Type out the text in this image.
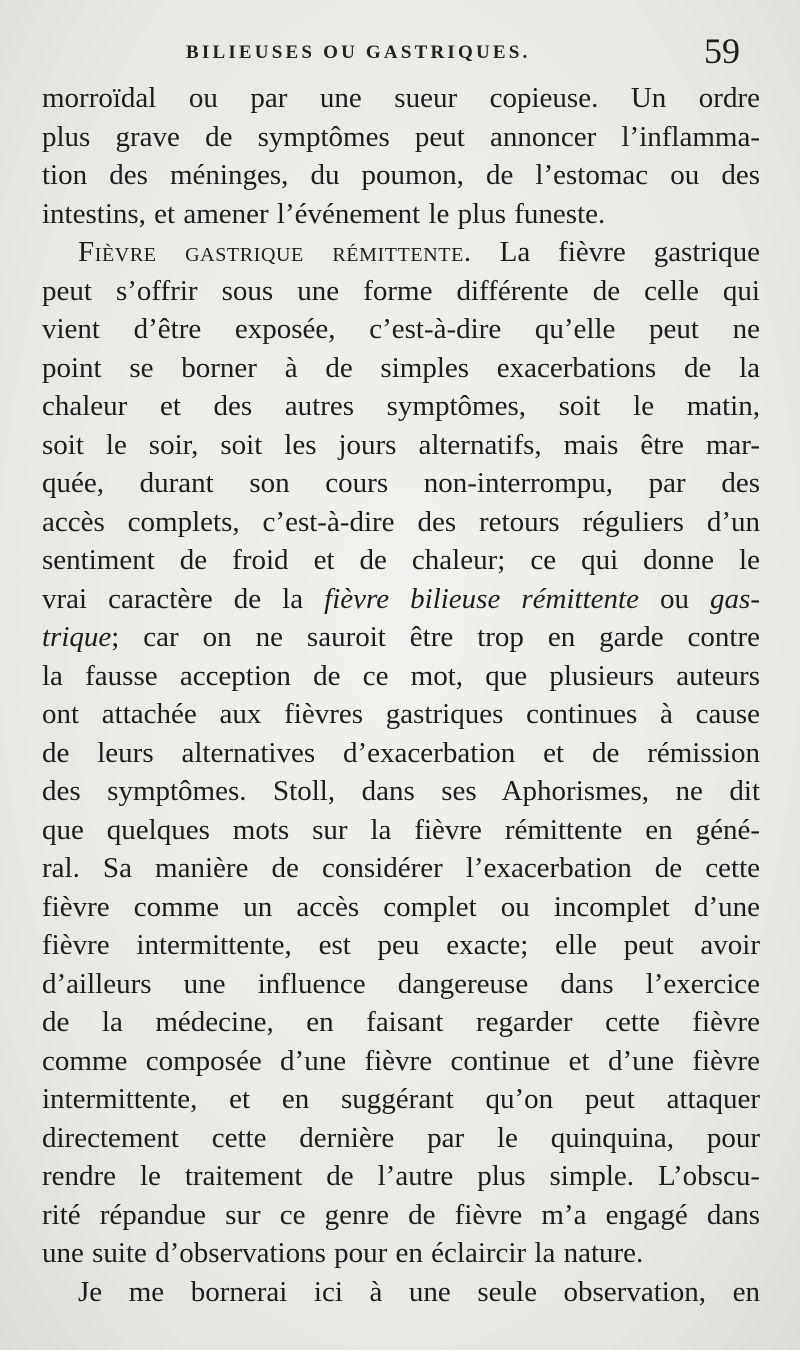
BILIEUSES OU GASTRIQUES.	59
morroïdal ou par une sueur copieuse. Un ordre
plus grave de symptômes peut annoncer l’inflamma-
tion des méninges, du poumon, de l’estomac ou des
intestins, et amener l’événement le plus funeste.
Fièvre gastrique rémittente. La fièvre gastrique
peut s’offrir sous une forme différente de celle qui
vient d’être exposée, c’est-à-dire qu’elle peut ne
point se borner à de simples exacerbations de la
chaleur et des autres symptômes, soit le matin,
soit le soir, soit les jours alternatifs, mais être mar-
quée, durant son cours non-interrompu, par des
accès complets, c’est-à-dire des retours réguliers d’un
sentiment de froid et de chaleur; ce qui donne le
vrai caractère de la fièvre bilieuse rémittente ou gas-
trique; car on ne sauroit être trop en garde contre
la fausse acception de ce mot, que plusieurs auteurs
ont attachée aux fièvres gastriques continues à cause
de leurs alternatives d’exacerbation et de rémission
des symptômes. Stoll, dans ses Aphorismes, ne dit
que quelques mots sur la fièvre rémittente en géné-
ral. Sa manière de considérer l’exacerbation de cette
fièvre comme un accès complet ou incomplet d’une
fièvre intermittente, est peu exacte; elle peut avoir
d’ailleurs une influence dangereuse dans l’exercice
de la médecine, en faisant regarder cette fièvre
comme composée d’une fièvre continue et d’une fièvre
intermittente, et en suggérant qu’on peut attaquer
directement cette dernière par le quinquina, pour
rendre le traitement de l’autre plus simple. L’obscu-
rité répandue sur ce genre de fièvre m’a engagé dans
une suite d’observations pour en éclaircir la nature.
Je me bornerai ici à une seule observation, en
